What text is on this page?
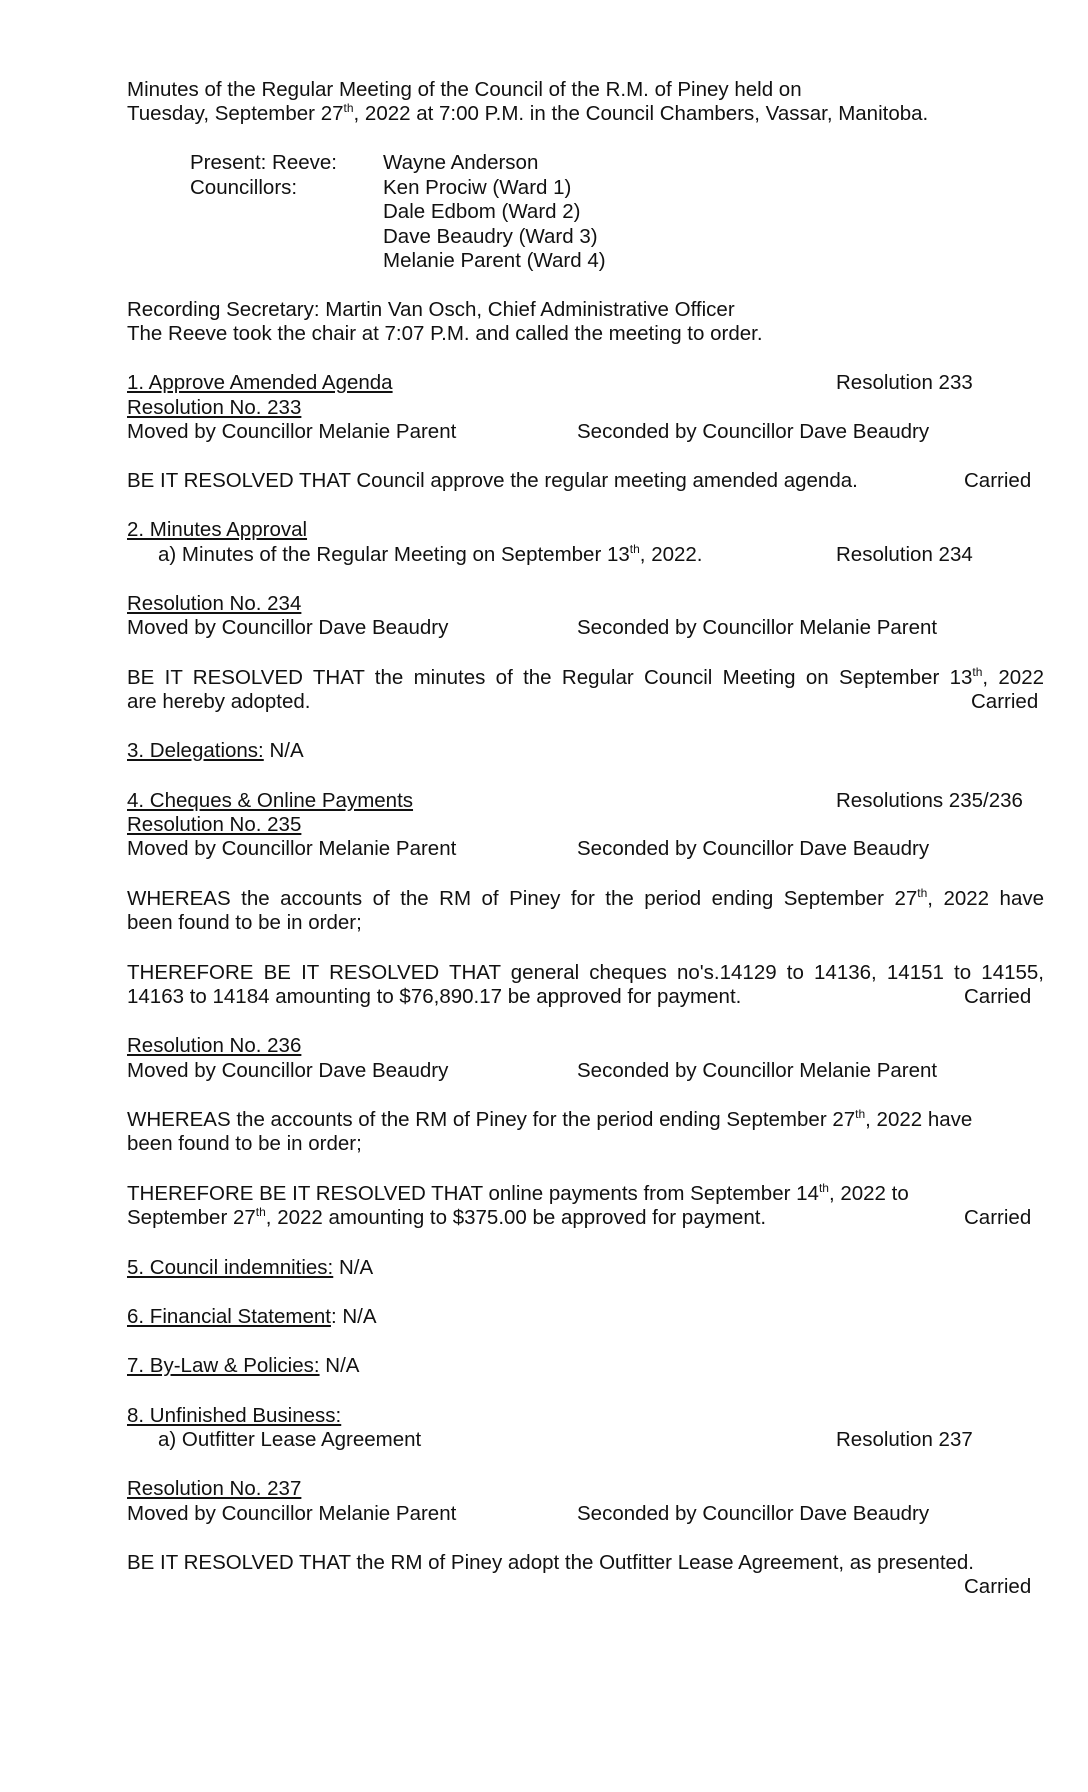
Minutes of the Regular Meeting of the Council of the R.M. of Piney held on
Tuesday, September 27th, 2022 at 7:00 P.M. in the Council Chambers, Vassar, Manitoba.
Present: Reeve: Wayne Anderson
Councillors:	Ken Prociw (Ward 1)
Dale Edbom (Ward 2)
Dave Beaudry (Ward 3)
Melanie Parent (Ward 4)
Recording Secretary: Martin Van Osch, Chief Administrative Officer
The Reeve took the chair at 7:07 P.M. and called the meeting to order.
1. Approve Amended Agenda	Resolution 233
Resolution No. 233
Moved by Councillor Melanie Parent	Seconded by Councillor Dave Beaudry
BE IT RESOLVED THAT Council approve the regular meeting amended agenda.	Carried
2. Minutes Approval
a) Minutes of the Regular Meeting on September 13th, 2022.	Resolution 234
Resolution No. 234
Moved by Councillor Dave Beaudry	Seconded by Councillor Melanie Parent
BE IT RESOLVED THAT the minutes of the Regular Council Meeting on September 13th, 2022
are hereby adopted.	Carried
3. Delegations: N/A
4. Cheques & Online Payments	Resolutions 235/236
Resolution No. 235
Moved by Councillor Melanie Parent	Seconded by Councillor Dave Beaudry
WHEREAS the accounts of the RM of Piney for the period ending September 27th, 2022 have
been found to be in order;
THEREFORE BE IT RESOLVED THAT general cheques no's.14129 to 14136, 14151 to 14155,
14163 to 14184 amounting to $76,890.17 be approved for payment.	Carried
Resolution No. 236
Moved by Councillor Dave Beaudry	Seconded by Councillor Melanie Parent
WHEREAS the accounts of the RM of Piney for the period ending September 27th, 2022 have
been found to be in order;
THEREFORE BE IT RESOLVED THAT online payments from September 14th, 2022 to
September 27th, 2022 amounting to $375.00 be approved for payment.	Carried
5. Council indemnities: N/A
6. Financial Statement: N/A
7. By-Law & Policies: N/A
8. Unfinished Business:
a) Outfitter Lease Agreement	Resolution 237
Resolution No. 237
Moved by Councillor Melanie Parent	Seconded by Councillor Dave Beaudry
BE IT RESOLVED THAT the RM of Piney adopt the Outfitter Lease Agreement, as presented.
Carried
